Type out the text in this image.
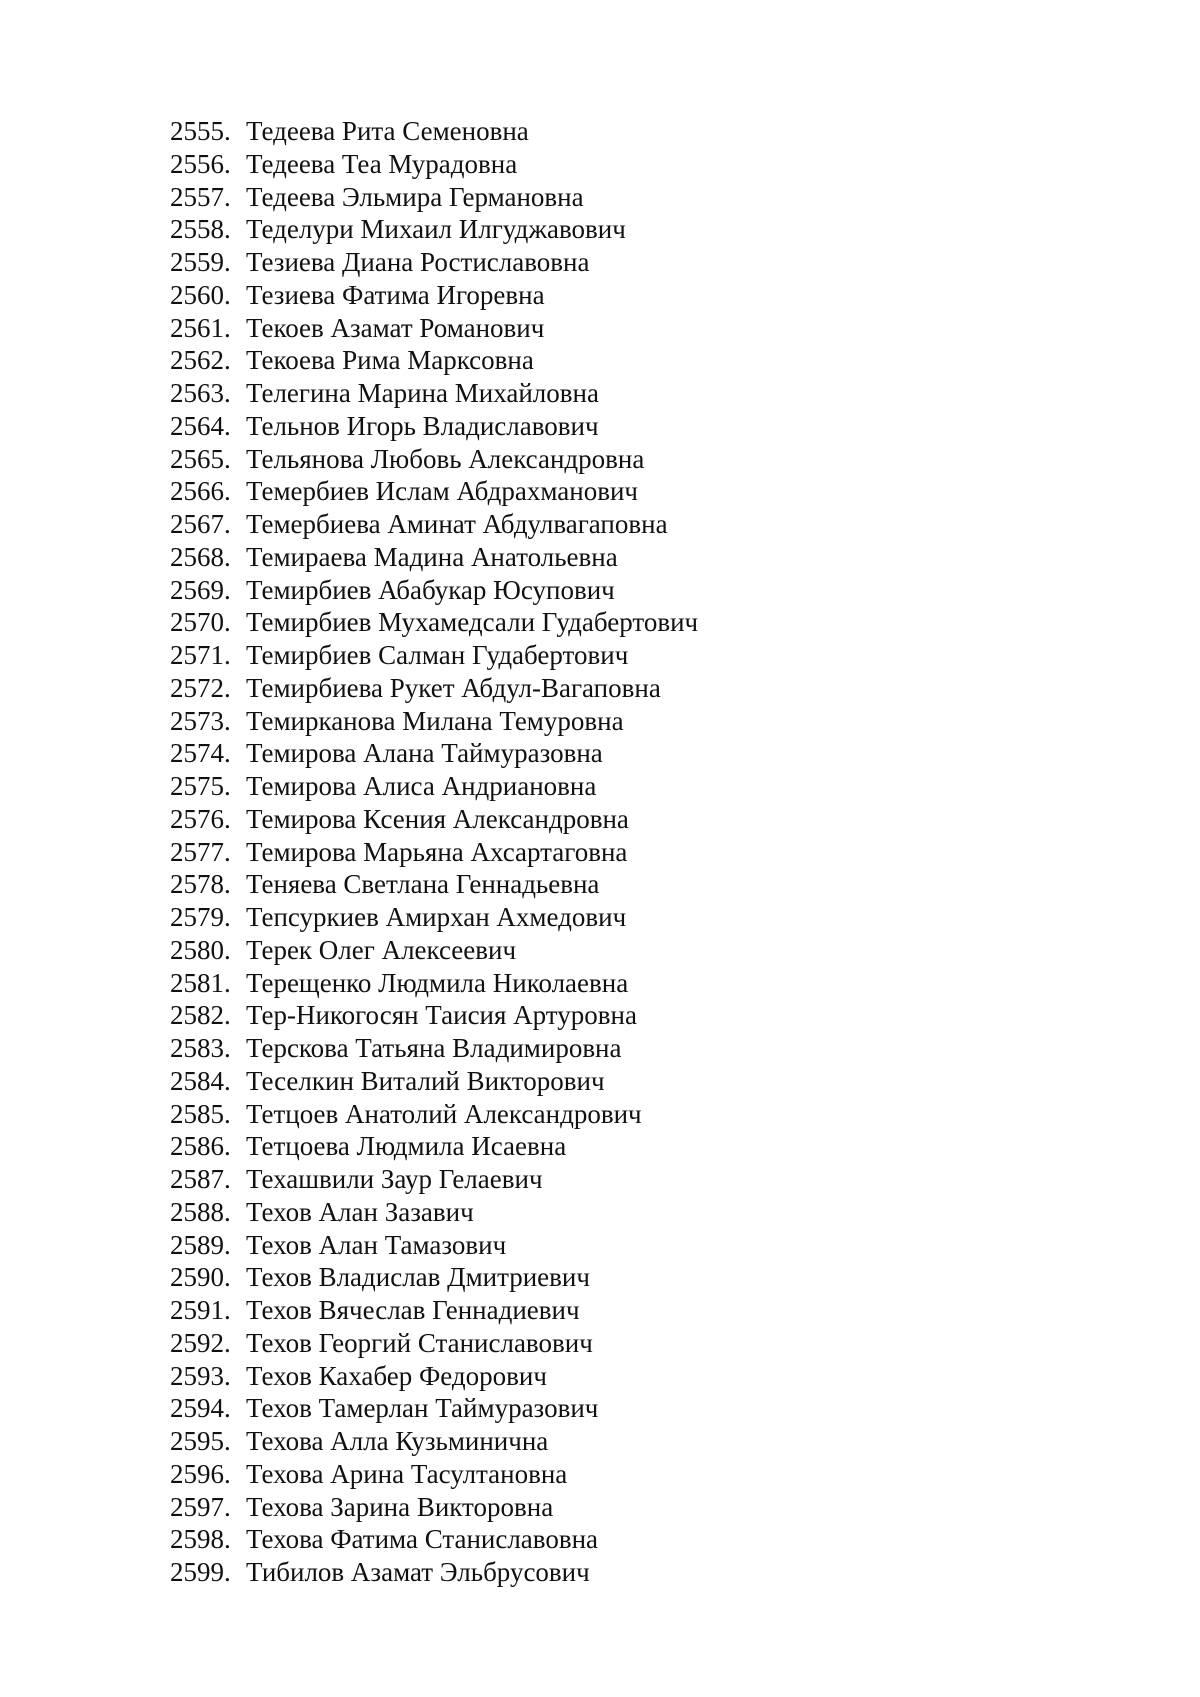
2555. Тедеева Рита Семеновна
2556. Тедеева Теа Мурадовна
2557. Тедеева Эльмира Германовна
2558. Теделури Михаил Илгуджавович
2559. Тезиева Диана Ростиславовна
2560. Тезиева Фатима Игоревна
2561. Текоев Азамат Романович
2562. Текоева Рима Марксовна
2563. Телегина Марина Михайловна
2564. Тельнов Игорь Владиславович
2565. Тельянова Любовь Александровна
2566. Темербиев Ислам Абдрахманович
2567. Темербиева Аминат Абдулвагаповна
2568. Темираева Мадина Анатольевна
2569. Темирбиев Абабукар Юсупович
2570. Темирбиев Мухамедсали Гудабертович
2571. Темирбиев Салман Гудабертович
2572. Темирбиева Рукет Абдул-Вагаповна
2573. Темирканова Милана Темуровна
2574. Темирова Алана Таймуразовна
2575. Темирова Алиса Андриановна
2576. Темирова Ксения Александровна
2577. Темирова Марьяна Ахсартаговна
2578. Теняева Светлана Геннадьевна
2579. Тепсуркиев Амирхан Ахмедович
2580. Терек Олег Алексеевич
2581. Терещенко Людмила Николаевна
2582. Тер-Никогосян Таисия Артуровна
2583. Терскова Татьяна Владимировна
2584. Теселкин Виталий Викторович
2585. Тетцоев Анатолий Александрович
2586. Тетцоева Людмила Исаевна
2587. Техашвили Заур Гелаевич
2588. Техов Алан Зазавич
2589. Техов Алан Тамазович
2590. Техов Владислав Дмитриевич
2591. Техов Вячеслав Геннадиевич
2592. Техов Георгий Станиславович
2593. Техов Кахабер Федорович
2594. Техов Тамерлан Таймуразович
2595. Техова Алла Кузьминична
2596. Техова Арина Тасултановна
2597. Техова Зарина Викторовна
2598. Техова Фатима Станиславовна
2599. Тибилов Азамат Эльбрусович
